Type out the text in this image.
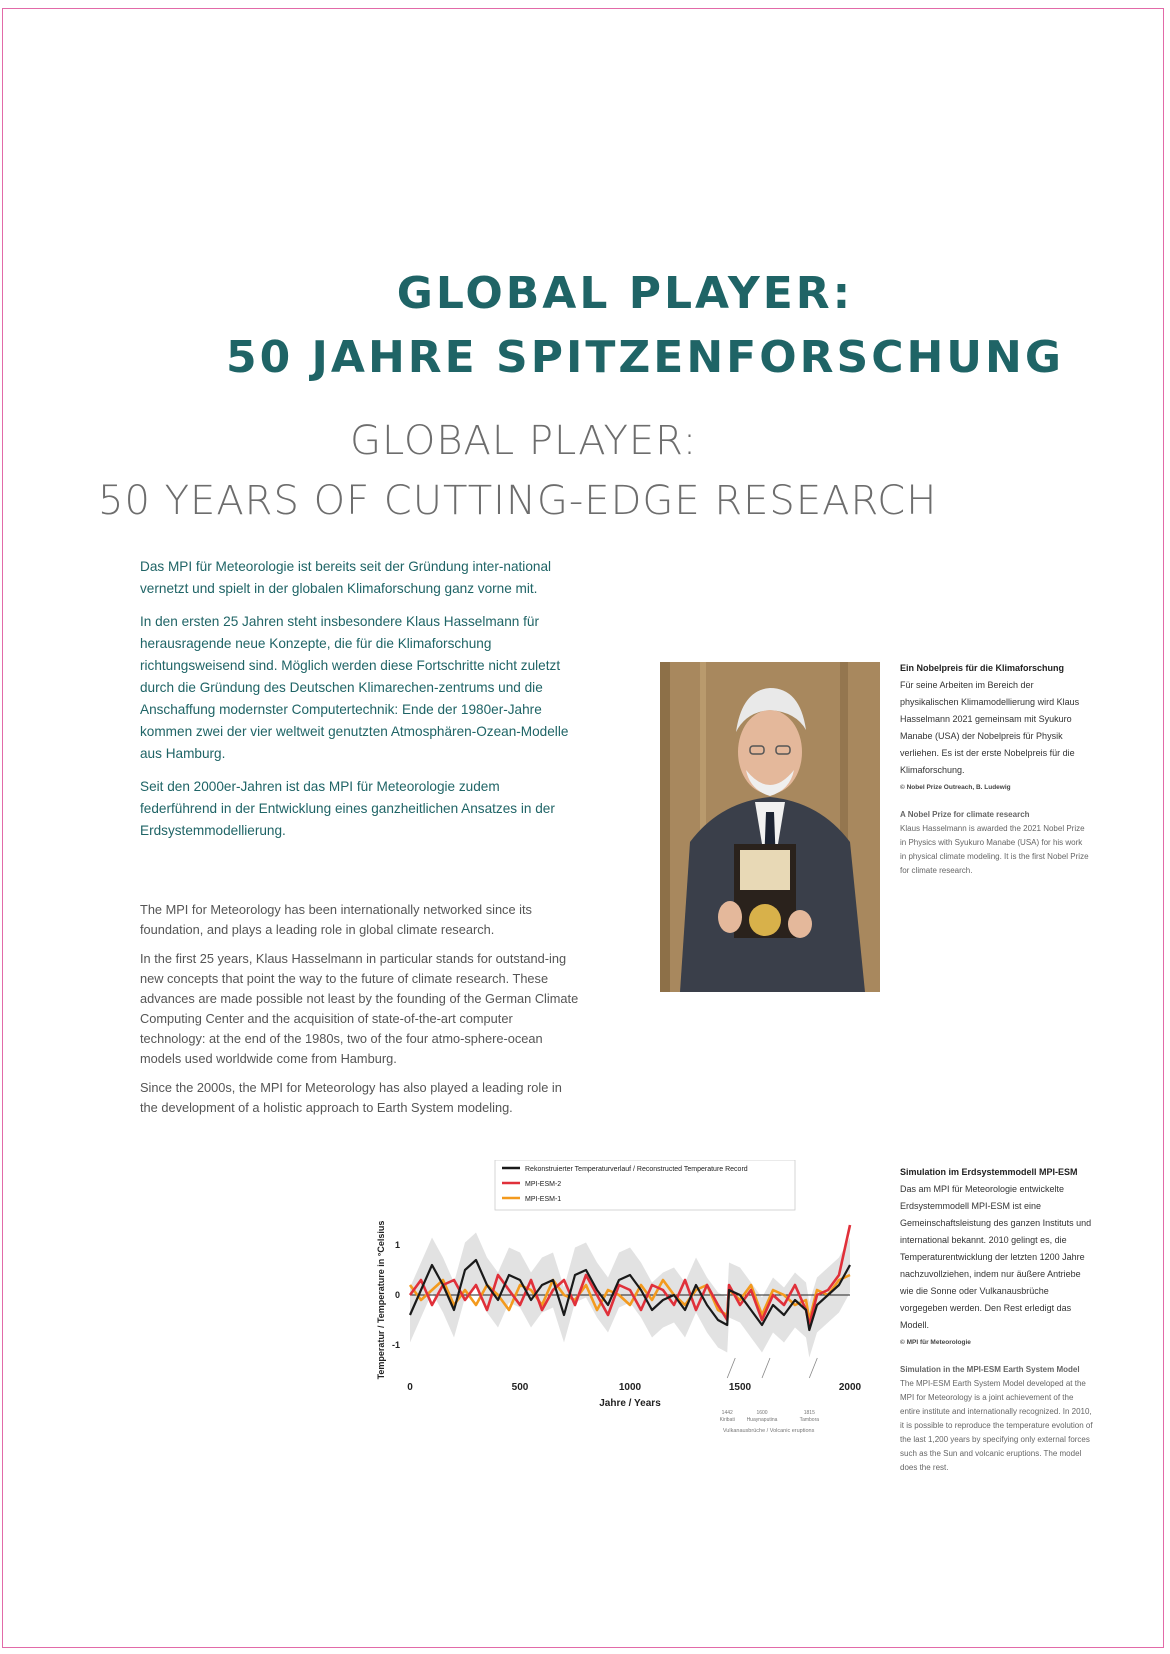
GLOBAL PLAYER:
50 JAHRE SPITZENFORSCHUNG
GLOBAL PLAYER:
50 YEARS OF CUTTING-EDGE RESEARCH

Das MPI für Meteorologie ist bereits seit der Gründung inter-national vernetzt und spielt in der globalen Klimaforschung ganz vorne mit.

In den ersten 25 Jahren steht insbesondere Klaus Hasselmann für herausragende neue Konzepte, die für die Klimaforschung richtungsweisend sind. Möglich werden diese Fortschritte nicht zuletzt durch die Gründung des Deutschen Klimarechen-zentrums und die Anschaffung modernster Computertechnik: Ende der 1980er-Jahre kommen zwei der vier weltweit genutzten Atmosphären-Ozean-Modelle aus Hamburg.

Seit den 2000er-Jahren ist das MPI für Meteorologie zudem federführend in der Entwicklung eines ganzheitlichen Ansatzes in der Erdsystemmodellierung.

The MPI for Meteorology has been internationally networked since its foundation, and plays a leading role in global climate research.

In the first 25 years, Klaus Hasselmann in particular stands for outstand-ing new concepts that point the way to the future of climate research. These advances are made possible not least by the founding of the German Climate Computing Center and the acquisition of state-of-the-art computer technology: at the end of the 1980s, two of the four atmo-sphere-ocean models used worldwide come from Hamburg.

Since the 2000s, the MPI for Meteorology has also played a leading role in the development of a holistic approach to Earth System modeling.

Ein Nobelpreis für die Klimaforschung
Für seine Arbeiten im Bereich der physikalischen Klimamodellierung wird Klaus Hasselmann 2021 gemeinsam mit Syukuro Manabe (USA) der Nobelpreis für Physik verliehen. Es ist der erste Nobelpreis für die Klimaforschung.
© Nobel Prize Outreach, B. Ludewig
A Nobel Prize for climate research
Klaus Hasselmann is awarded the 2021 Nobel Prize in Physics with Syukuro Manabe (USA) for his work in physical climate modeling. It is the first Nobel Prize for climate research.
0	500	1000	1500	2000
1
0
-1
Jahre / Years
Temperatur / Temperature in °Celsius
1442
Kiribati
1600
Huaynaputina
1815
Tambora
Vulkanausbrüche / Volcanic eruptions
Rekonstruierter Temperaturverlauf / Reconstructed Temperature Record
MPI-ESM-2
MPI-ESM-1
Simulation im Erdsystemmodell MPI-ESM
Das am MPI für Meteorologie entwickelte Erdsystemmodell MPI-ESM ist eine Gemeinschaftsleistung des ganzen Instituts und international bekannt. 2010 gelingt es, die Temperaturentwicklung der letzten 1200 Jahre nachzuvollziehen, indem nur äußere Antriebe wie die Sonne oder Vulkanausbrüche vorgegeben werden. Den Rest erledigt das Modell.
© MPI für Meteorologie
Simulation in the MPI-ESM Earth System Model
The MPI-ESM Earth System Model developed at the MPI for Meteorology is a joint achievement of the entire institute and internationally recognized. In 2010, it is possible to reproduce the temperature evolution of the last 1,200 years by specifying only external forces such as the Sun and volcanic eruptions. The model does the rest.
